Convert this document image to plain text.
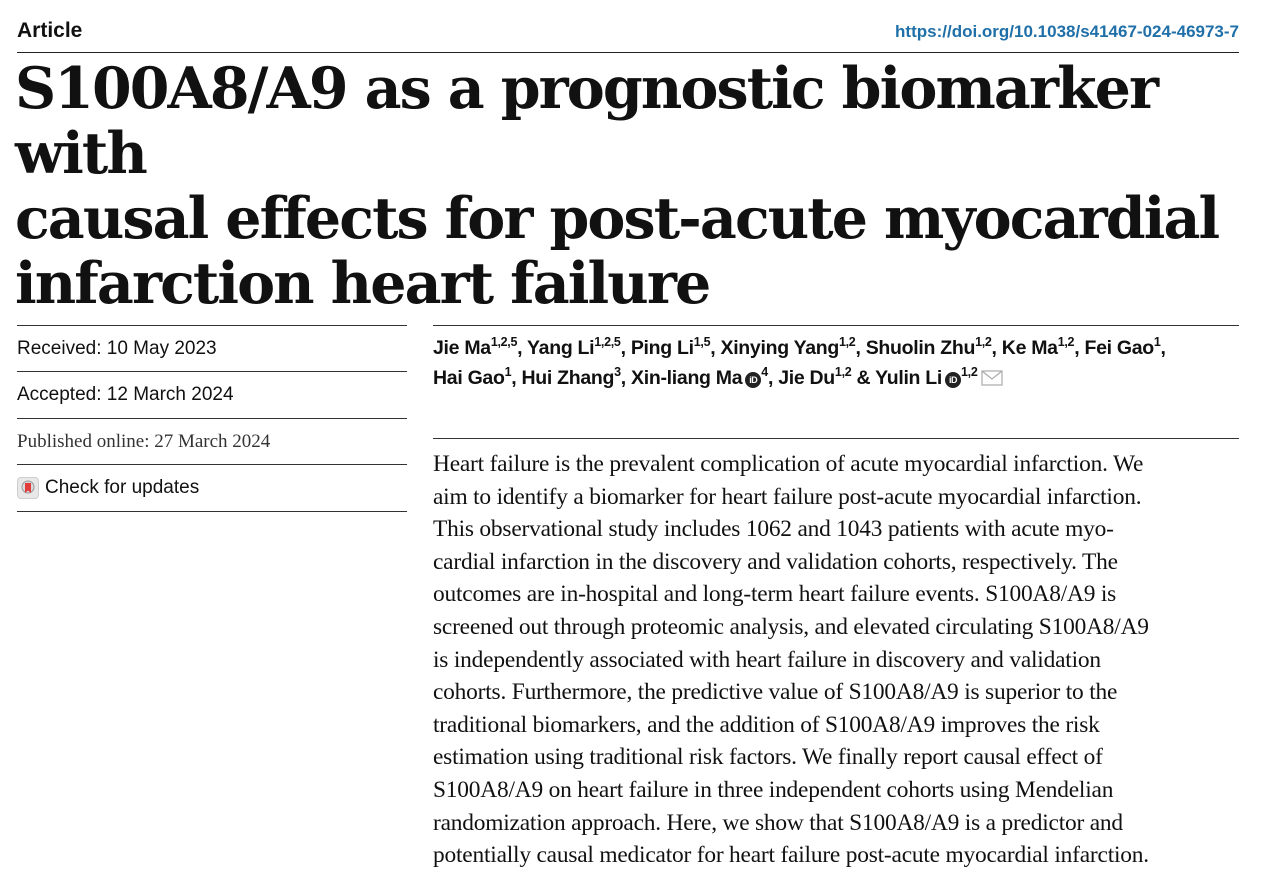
Article	https://doi.org/10.1038/s41467-024-46973-7
S100A8/A9 as a prognostic biomarker with
causal effects for post-acute myocardial
infarction heart failure
Received: 10 May 2023
Accepted: 12 March 2024
Published online: 27 March 2024
Check for updates

Jie Ma$^{1,2,5}$, Yang Li$^{1,2,5}$, Ping Li$^{1,5}$, Xinying Yang$^{1,2}$, Shuolin Zhu$^{1,2}$, Ke Ma$^{1,2}$, Fei Gao$^1$,
Hai Gao$^1$, Hui Zhang$^3$, Xin-liang Ma $iD^4$, Jie Du$^{1,2}$ & Yulin Li iD$^{1,2}$

Heart failure is the prevalent complication of acute myocardial infarction. We
aim to identify a biomarker for heart failure post-acute myocardial infarction.
This observational study includes 1062 and 1043 patients with acute myo-
cardial infarction in the discovery and validation cohorts, respectively. The
outcomes are in-hospital and long-term heart failure events. S100A8/A9 is
screened out through proteomic analysis, and elevated circulating S100A8/A9
is independently associated with heart failure in discovery and validation
cohorts. Furthermore, the predictive value of S100A8/A9 is superior to the
traditional biomarkers, and the addition of S100A8/A9 improves the risk
estimation using traditional risk factors. We finally report causal effect of
S100A8/A9 on heart failure in three independent cohorts using Mendelian
randomization approach. Here, we show that S100A8/A9 is a predictor and
potentially causal medicator for heart failure post-acute myocardial infarction.
